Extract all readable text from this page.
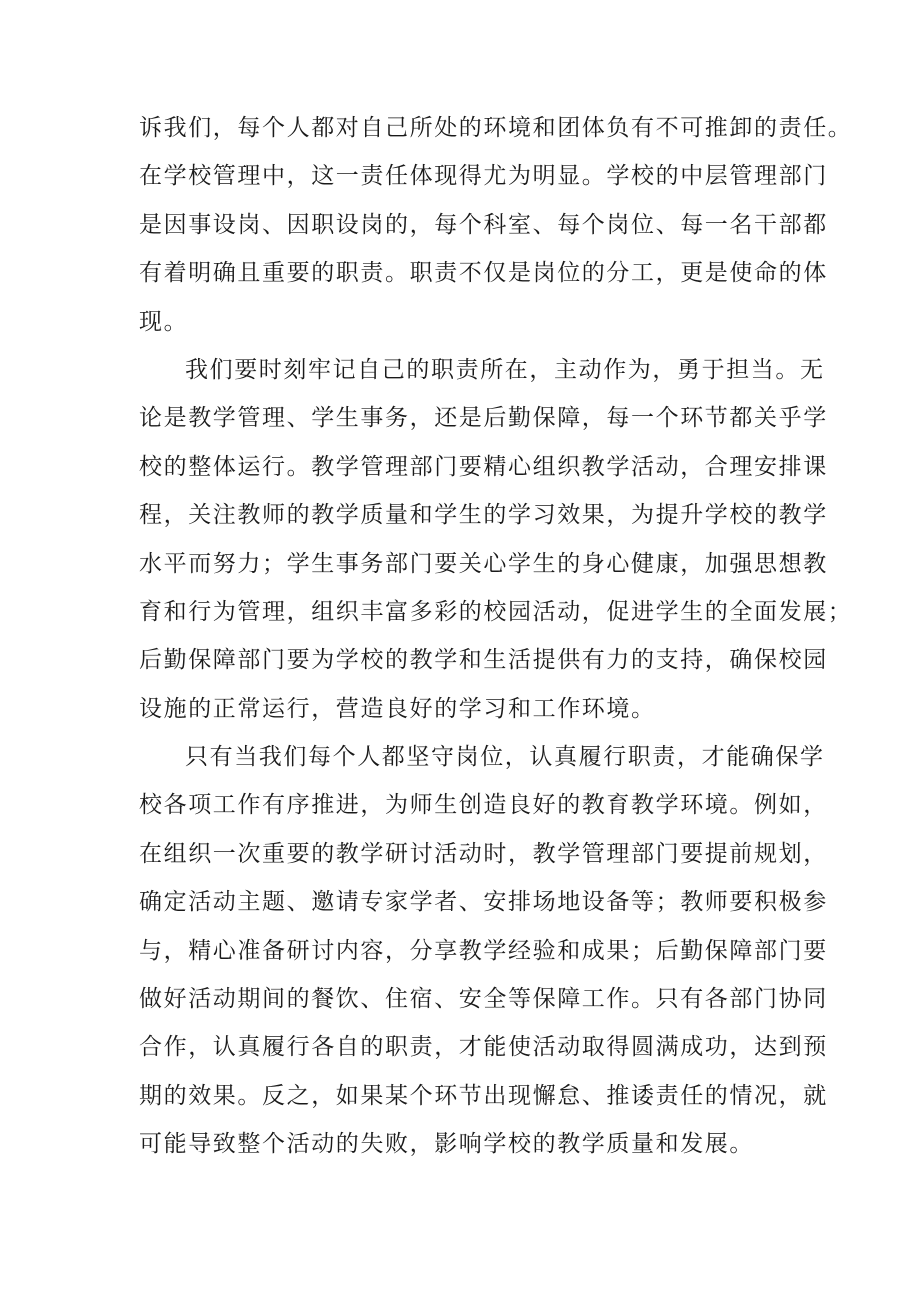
诉我们，每个人都对自己所处的环境和团体负有不可推卸的责任。
在学校管理中，这一责任体现得尤为明显。学校的中层管理部门
是因事设岗、因职设岗的，每个科室、每个岗位、每一名干部都
有着明确且重要的职责。职责不仅是岗位的分工，更是使命的体
现。
我们要时刻牢记自己的职责所在，主动作为，勇于担当。无
论是教学管理、学生事务，还是后勤保障，每一个环节都关乎学
校的整体运行。教学管理部门要精心组织教学活动，合理安排课
程，关注教师的教学质量和学生的学习效果，为提升学校的教学
水平而努力；学生事务部门要关心学生的身心健康，加强思想教
育和行为管理，组织丰富多彩的校园活动，促进学生的全面发展；
后勤保障部门要为学校的教学和生活提供有力的支持，确保校园
设施的正常运行，营造良好的学习和工作环境。
只有当我们每个人都坚守岗位，认真履行职责，才能确保学
校各项工作有序推进，为师生创造良好的教育教学环境。例如，
在组织一次重要的教学研讨活动时，教学管理部门要提前规划，
确定活动主题、邀请专家学者、安排场地设备等；教师要积极参
与，精心准备研讨内容，分享教学经验和成果；后勤保障部门要
做好活动期间的餐饮、住宿、安全等保障工作。只有各部门协同
合作，认真履行各自的职责，才能使活动取得圆满成功，达到预
期的效果。反之，如果某个环节出现懈怠、推诿责任的情况，就
可能导致整个活动的失败，影响学校的教学质量和发展。
